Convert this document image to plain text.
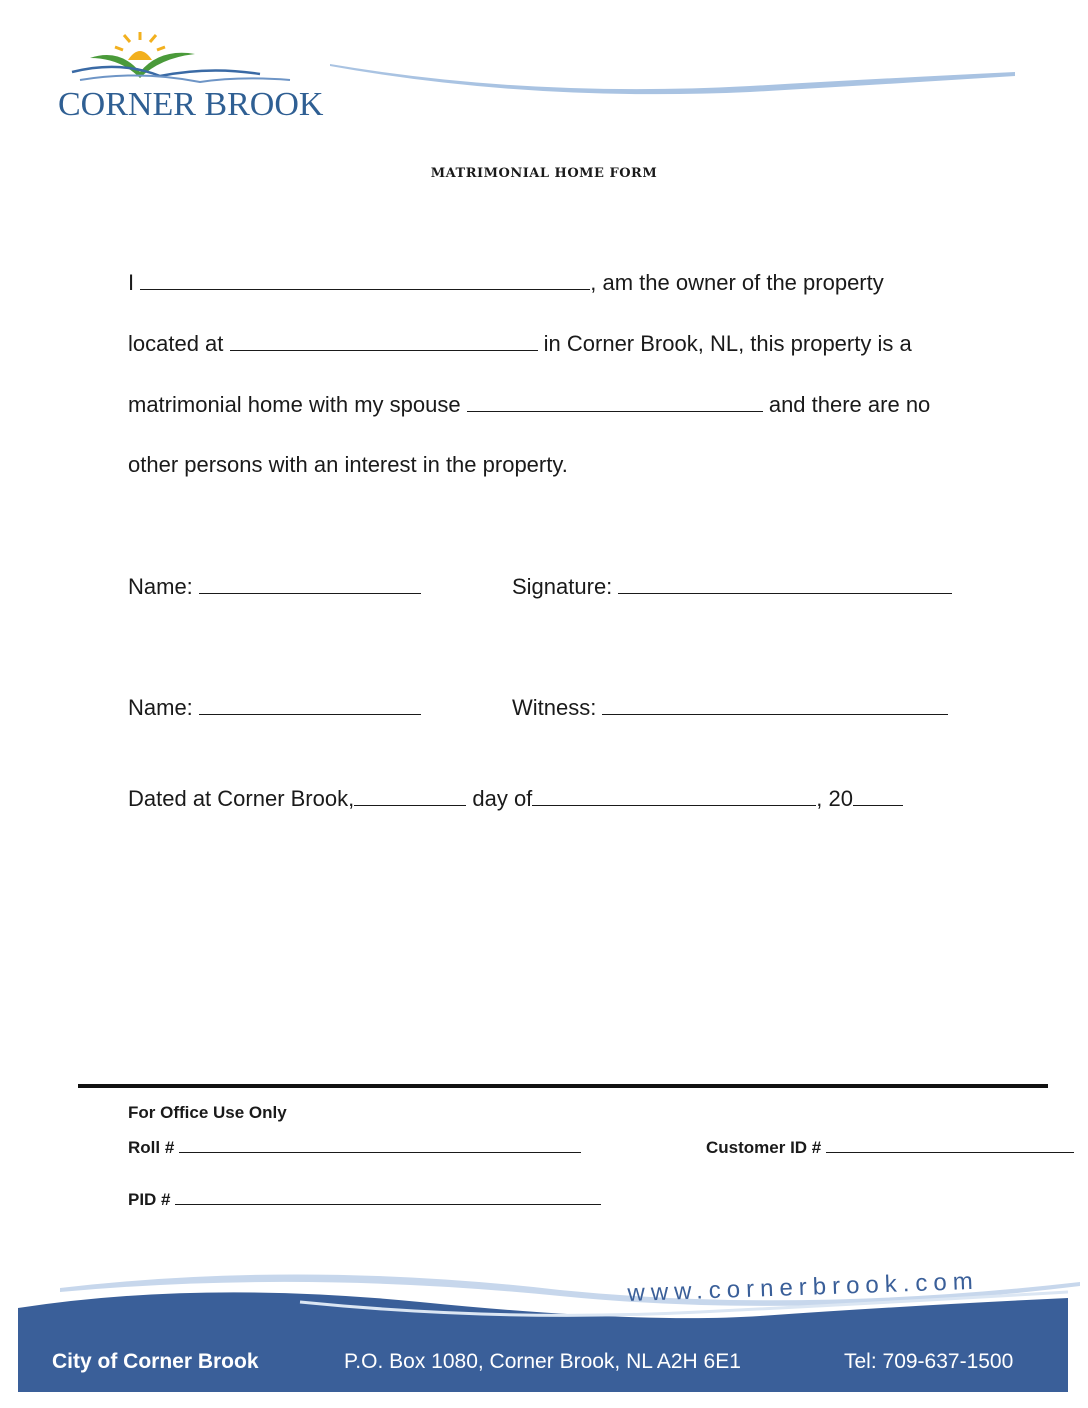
CORNER BROOK
MATRIMONIAL HOME FORM
I	, am the owner of the property
located at	in Corner Brook, NL, this property is a
matrimonial home with my spouse	and there are no
other persons with an interest in the property.
Name:	Signature:
Name:	Witness:
Dated at Corner Brook,	day of	, 20
For Office Use Only
Roll #	Customer ID #
PID #
www.cornerbrook.com
City of Corner Brook	P.O. Box 1080, Corner Brook, NL A2H 6E1	Tel: 709-637-1500
